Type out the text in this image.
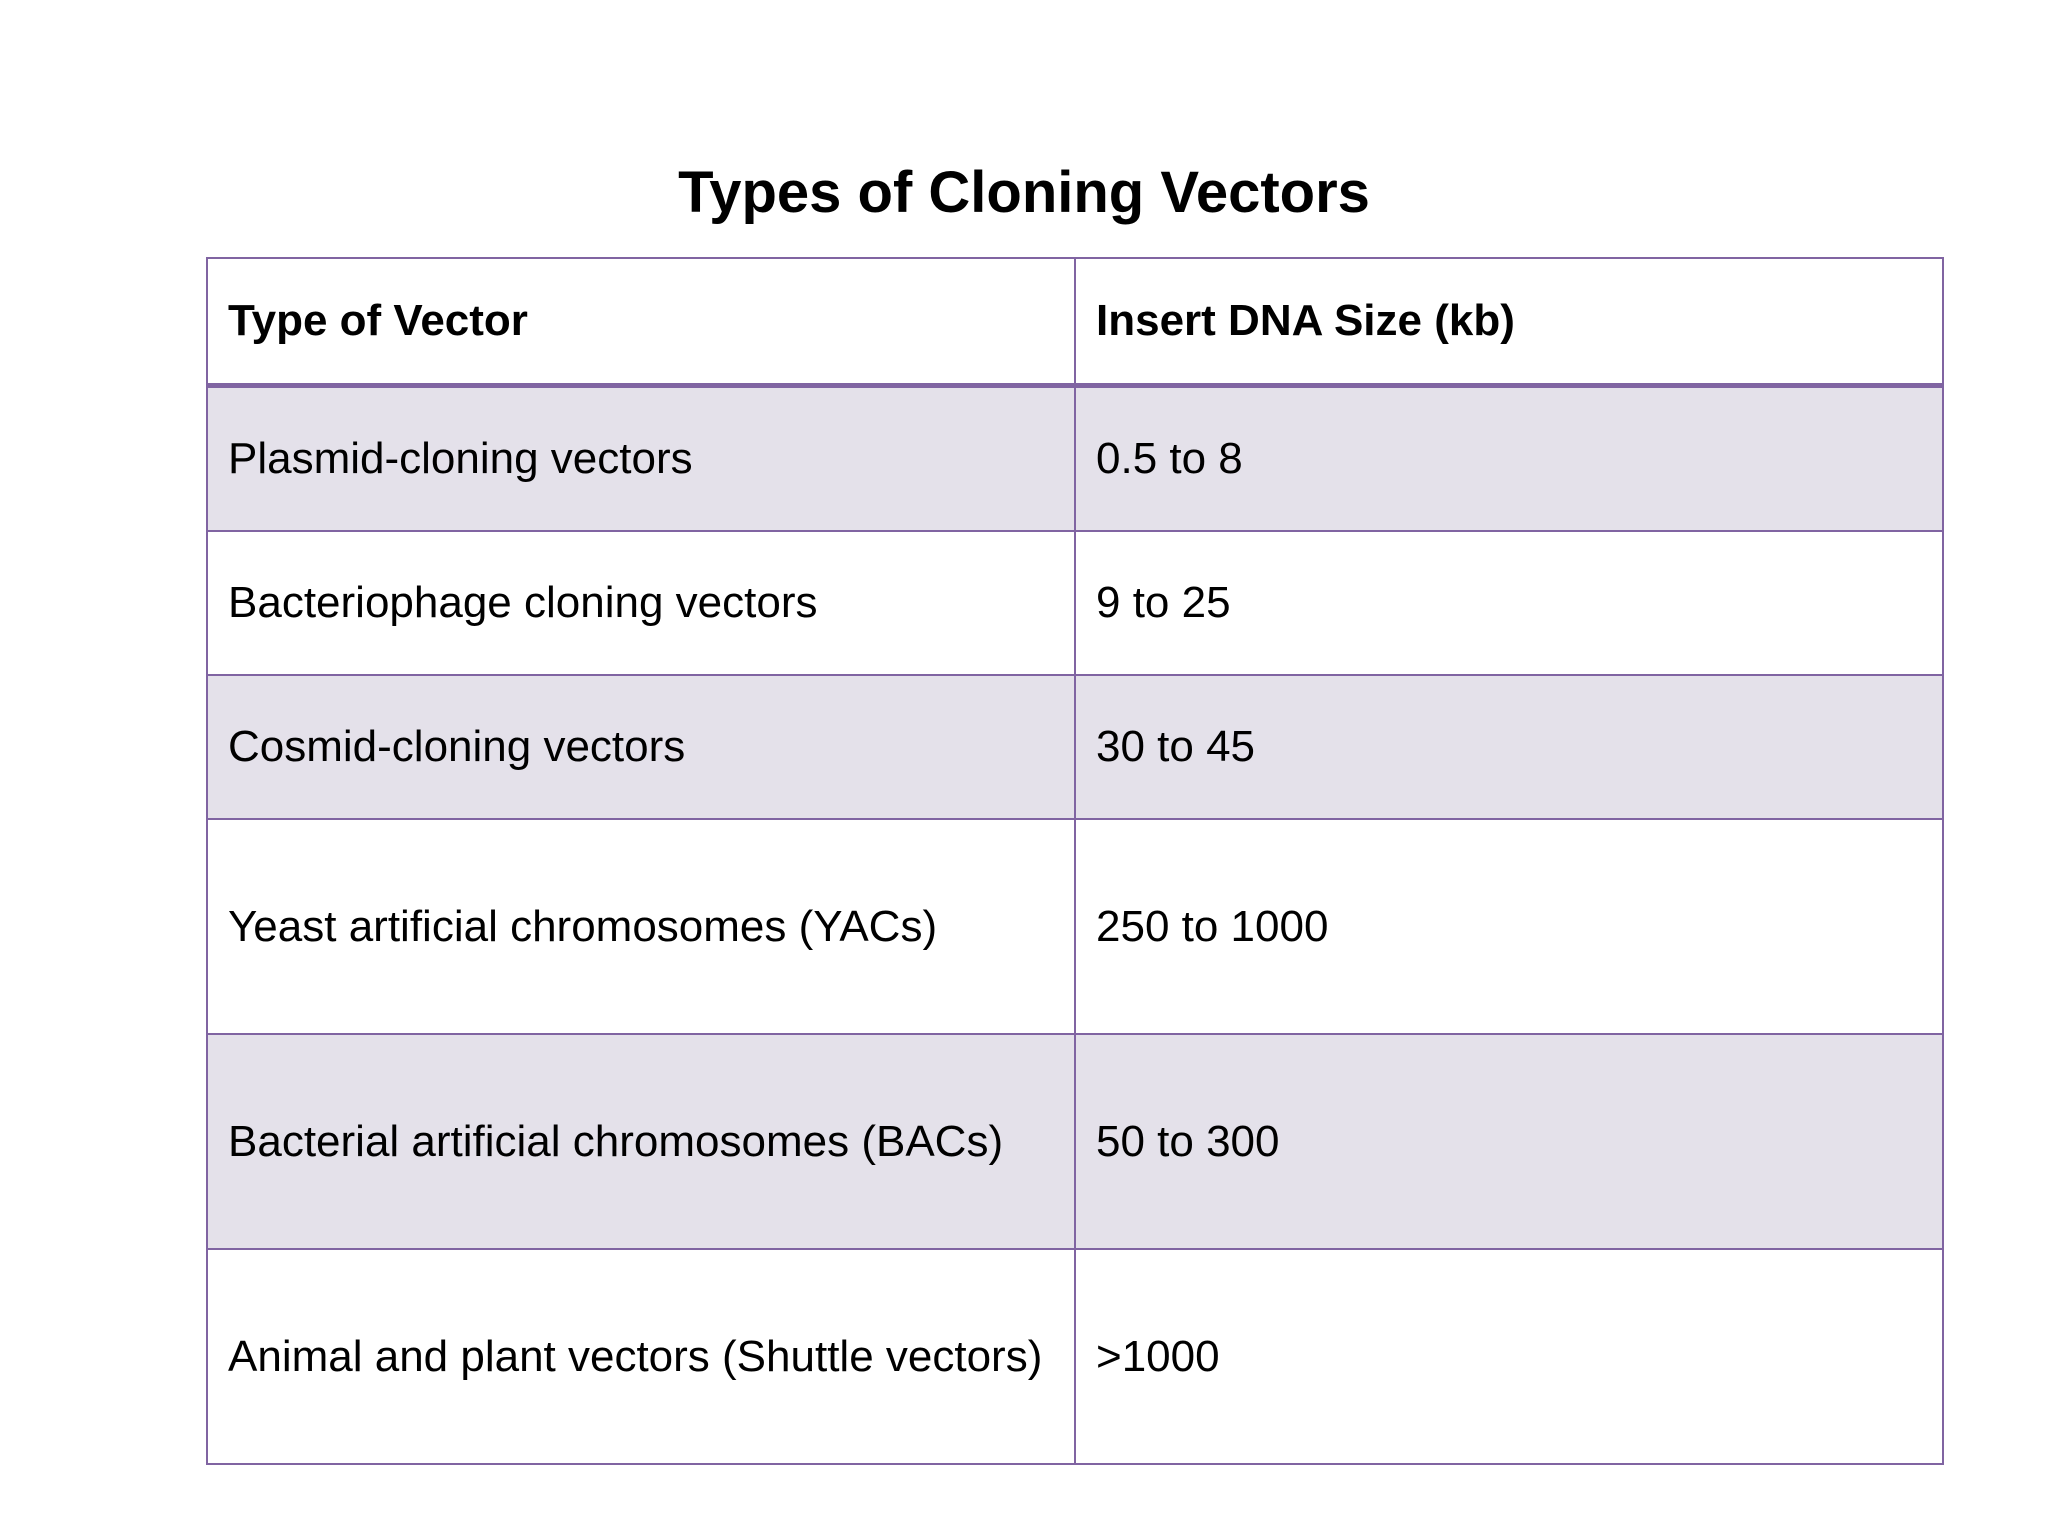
Types of Cloning Vectors
Type of Vector	Insert DNA Size (kb)
Plasmid-cloning vectors	0.5 to 8
Bacteriophage cloning vectors	9 to 25
Cosmid-cloning vectors	30 to 45
Yeast artificial chromosomes (YACs)	250 to 1000
Bacterial artificial chromosomes (BACs)	50 to 300
Animal and plant vectors (Shuttle vectors)	>1000
